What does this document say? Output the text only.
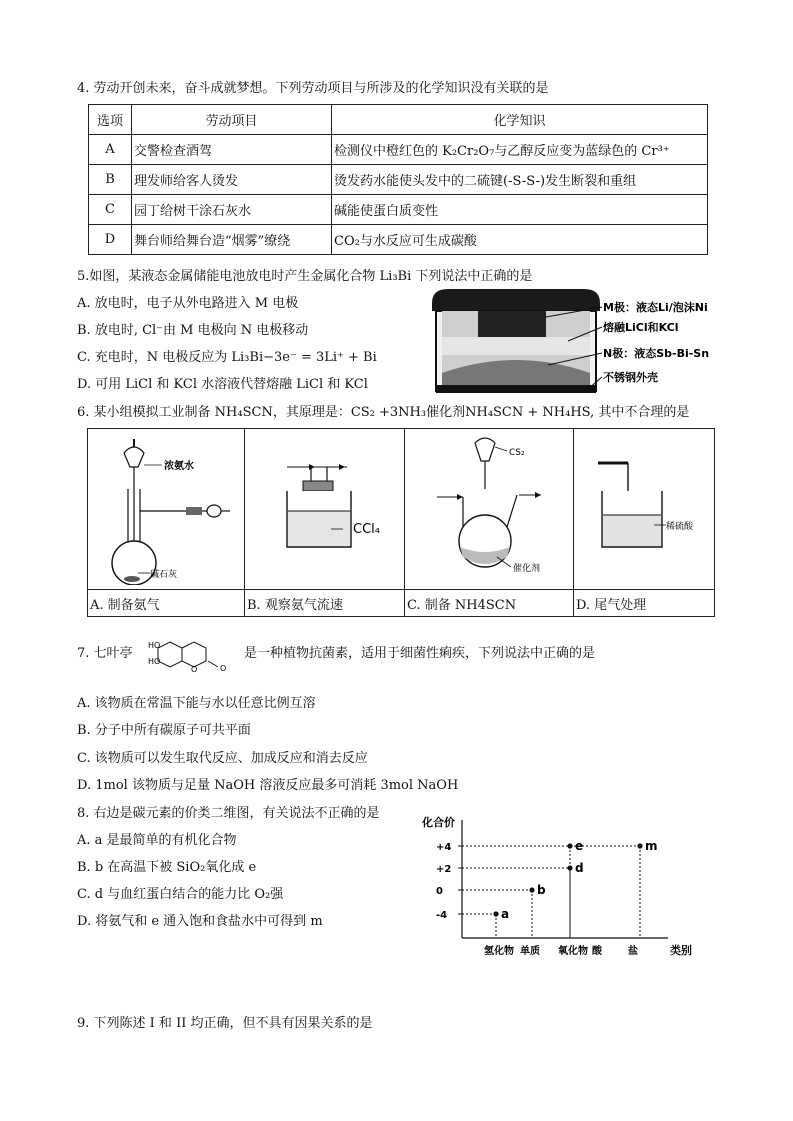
4. 劳动开创未来，奋斗成就梦想。下列劳动项目与所涉及的化学知识没有关联的是
选项	劳动项目	化学知识
A	交警检查酒驾	检测仪中橙红色的 K₂Cr₂O₇与乙醇反应变为蓝绿色的 Cr³⁺
B	理发师给客人烫发	烫发药水能使头发中的二硫键(-S-S-)发生断裂和重组
C	园丁给树干涂石灰水	碱能使蛋白质变性
D	舞台师给舞台造“烟雾”缭绕	CO₂与水反应可生成碳酸
5.如图，某液态金属储能电池放电时产生金属化合物 Li₃Bi 下列说法中正确的是
A. 放电时，电子从外电路进入 M 电极
B. 放电时, Cl⁻由 M 电极向 N 电极移动
C. 充电时，N 电极反应为 Li₃Bi−3e⁻ = 3Li⁺ + Bi
D. 可用 LiCl 和 KCl 水溶液代替熔融 LiCl 和 KCl
M极：液态Li/泡沫Ni
熔融LiCl和KCl
N极：液态Sb-Bi-Sn
不锈钢外壳
6. 某小组模拟工业制备 NH₄SCN，其原理是：CS₂ +3NH₃催化剂NH₄SCN + NH₄HS, 其中不合理的是
浓氨水
碱石灰	CCl₄	CS₂
催化剂	稀硫酸

A. 制备氨气	B. 观察氨气流速	C. 制备 NH4SCN	D. 尾气处理
7. 七叶亭
HO
HO
O	O
是一种植物抗菌素，适用于细菌性痢疾，下列说法中正确的是
A. 该物质在常温下能与水以任意比例互溶
B. 分子中所有碳原子可共平面
C. 该物质可以发生取代反应、加成反应和消去反应
D. 1mol 该物质与足量 NaOH 溶液反应最多可消耗 3mol NaOH
8. 右边是碳元素的价类二维图，有关说法不正确的是
A. a 是最简单的有机化合物
B. b 在高温下被 SiO₂氧化成 e
C. d 与血红蛋白结合的能力比 O₂强
D. 将氨气和 e 通入饱和食盐水中可得到 m
化合价
类别
+4
+2
0
-4
氢化物 单质 氧化物 酸	盐
a
b
d
e	m
9. 下列陈述 I 和 II 均正确，但不具有因果关系的是
